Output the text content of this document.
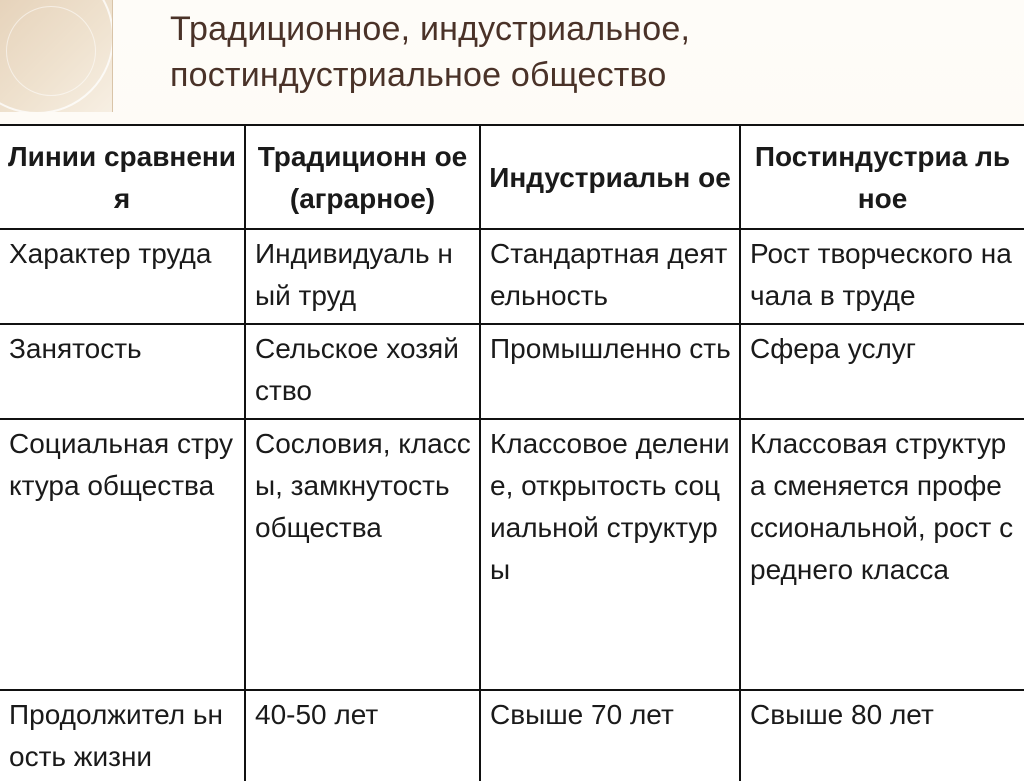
Традиционное, индустриальное,
постиндустриальное общество
Линии сравнения	Традиционн ое(аграрное)	Индустриальн ое	Постиндустриа льное
Характер труда	Индивидуаль ный труд	Стандартная деятельность	Рост творческого начала в труде
Занятость	Сельское хозяйство	Промышленно сть	Сфера услуг
Социальная структура общества	Сословия, классы, замкнутость общества	Классовое деление, открытость социальной структуры	Классовая структура сменяется профе ссиональной, рост среднего класса
Продолжител ьность жизни	40-50 лет	Свыше 70 лет	Свыше 80 лет
